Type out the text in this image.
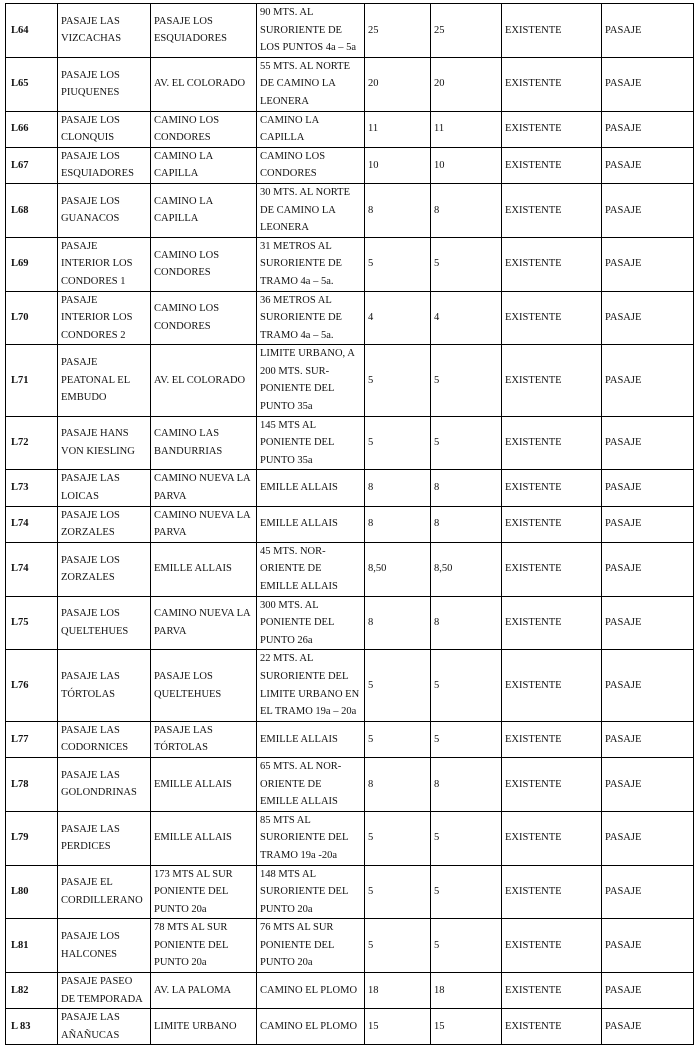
L64	PASAJE LAS VIZCACHAS	PASAJE LOS ESQUIADORES	90 MTS. AL SURORIENTE DE LOS PUNTOS 4a – 5a	25	25	EXISTENTE	PASAJE
L65	PASAJE LOS PIUQUENES	AV. EL COLORADO	55 MTS. AL NORTE DE CAMINO LA LEONERA	20	20	EXISTENTE	PASAJE
L66	PASAJE LOS CLONQUIS	CAMINO LOS CONDORES	CAMINO LA CAPILLA	11	11	EXISTENTE	PASAJE
L67	PASAJE LOS ESQUIADORES	CAMINO LA CAPILLA	CAMINO LOS CONDORES	10	10	EXISTENTE	PASAJE
L68	PASAJE LOS GUANACOS	CAMINO LA CAPILLA	30 MTS. AL NORTE DE CAMINO LA LEONERA	8	8	EXISTENTE	PASAJE
L69	PASAJE INTERIOR LOS CONDORES 1	CAMINO LOS CONDORES	31 METROS AL SURORIENTE DE TRAMO 4a – 5a.	5	5	EXISTENTE	PASAJE
L70	PASAJE INTERIOR LOS CONDORES 2	CAMINO LOS CONDORES	36 METROS AL SURORIENTE DE TRAMO 4a – 5a.	4	4	EXISTENTE	PASAJE
L71	PASAJE PEATONAL EL EMBUDO	AV. EL COLORADO	LIMITE URBANO, A 200 MTS. SUR-PONIENTE DEL PUNTO 35a	5	5	EXISTENTE	PASAJE
L72	PASAJE HANS VON KIESLING	CAMINO LAS BANDURRIAS	145 MTS AL PONIENTE DEL PUNTO 35a	5	5	EXISTENTE	PASAJE
L73	PASAJE LAS LOICAS	CAMINO NUEVA LA PARVA	EMILLE ALLAIS	8	8	EXISTENTE	PASAJE
L74	PASAJE LOS ZORZALES	CAMINO NUEVA LA PARVA	EMILLE ALLAIS	8	8	EXISTENTE	PASAJE
L74	PASAJE LOS ZORZALES	EMILLE ALLAIS	45 MTS. NOR-ORIENTE DE EMILLE ALLAIS	8,50	8,50	EXISTENTE	PASAJE
L75	PASAJE LOS QUELTEHUES	CAMINO NUEVA LA PARVA	300 MTS. AL PONIENTE DEL PUNTO 26a	8	8	EXISTENTE	PASAJE
L76	PASAJE LAS TÓRTOLAS	PASAJE LOS QUELTEHUES	22 MTS. AL SURORIENTE DEL LIMITE URBANO EN EL TRAMO 19a – 20a	5	5	EXISTENTE	PASAJE
L77	PASAJE LAS CODORNICES	PASAJE LAS TÓRTOLAS	EMILLE ALLAIS	5	5	EXISTENTE	PASAJE
L78	PASAJE LAS GOLONDRINAS	EMILLE ALLAIS	65 MTS. AL NOR-ORIENTE DE EMILLE ALLAIS	8	8	EXISTENTE	PASAJE
L79	PASAJE LAS PERDICES	EMILLE ALLAIS	85 MTS AL SURORIENTE DEL TRAMO 19a -20a	5	5	EXISTENTE	PASAJE
L80	PASAJE EL CORDILLERANO	173 MTS AL SUR PONIENTE DEL PUNTO 20a	148 MTS AL SURORIENTE DEL PUNTO 20a	5	5	EXISTENTE	PASAJE
L81	PASAJE LOS HALCONES	78 MTS AL SUR PONIENTE DEL PUNTO 20a	76 MTS AL SUR PONIENTE DEL PUNTO 20a	5	5	EXISTENTE	PASAJE
L82	PASAJE PASEO DE TEMPORADA	AV. LA PALOMA	CAMINO EL PLOMO	18	18	EXISTENTE	PASAJE
L 83	PASAJE LAS AÑAÑUCAS	LIMITE URBANO	CAMINO EL PLOMO	15	15	EXISTENTE	PASAJE
